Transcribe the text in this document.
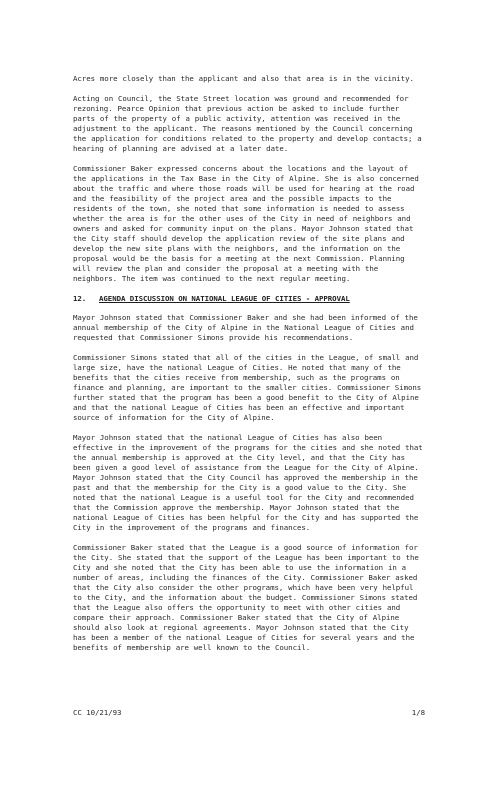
Acres more closely than the applicant and also that area is in the vicinity.

Acting on Council, the State Street location was ground and recommended for rezoning. Pearce Opinion that previous action be asked to include further parts of the property of a public activity, attention was received in the adjustment to the applicant. The reasons mentioned by the Council concerning the application for conditions related to the property and develop contacts; a hearing of planning are advised at a later date.

Commissioner Baker expressed concerns about the locations and the layout of the applications in the Tax Base in the City of Alpine. She is also concerned about the traffic and where those roads will be used for hearing at the road and the feasibility of the project area and the possible impacts to the residents of the town, she noted that some information is needed to assess whether the area is for the other uses of the City in need of neighbors and owners and asked for community input on the plans. Mayor Johnson stated that the City staff should develop the application review of the site plans and develop the new site plans with the neighbors, and the information on the proposal would be the basis for a meeting at the next Commission. Planning will review the plan and consider the proposal at a meeting with the neighbors. The item was continued to the next regular meeting.

12. AGENDA DISCUSSION ON NATIONAL LEAGUE OF CITIES - APPROVAL

Mayor Johnson stated that Commissioner Baker and she had been informed of the annual membership of the City of Alpine in the National League of Cities and requested that Commissioner Simons provide his recommendations.

Commissioner Simons stated that all of the cities in the League, of small and large size, have the national League of Cities. He noted that many of the benefits that the cities receive from membership, such as the programs on finance and planning, are important to the smaller cities. Commissioner Simons further stated that the program has been a good benefit to the City of Alpine and that the national League of Cities has been an effective and important source of information for the City of Alpine.

Mayor Johnson stated that the national League of Cities has also been effective in the improvement of the programs for the cities and she noted that the annual membership is approved at the City level, and that the City has been given a good level of assistance from the League for the City of Alpine. Mayor Johnson stated that the City Council has approved the membership in the past and that the membership for the City is a good value to the City. She noted that the national League is a useful tool for the City and recommended that the Commission approve the membership. Mayor Johnson stated that the national League of Cities has been helpful for the City and has supported the City in the improvement of the programs and finances.

Commissioner Baker stated that the League is a good source of information for the City. She stated that the support of the League has been important to the City and she noted that the City has been able to use the information in a number of areas, including the finances of the City. Commissioner Baker asked that the City also consider the other programs, which have been very helpful to the City, and the information about the budget. Commissioner Simons stated that the League also offers the opportunity to meet with other cities and compare their approach. Commissioner Baker stated that the City of Alpine should also look at regional agreements. Mayor Johnson stated that the City has been a member of the national League of Cities for several years and the benefits of membership are well known to the Council.

CC 10/21/93	1/8
